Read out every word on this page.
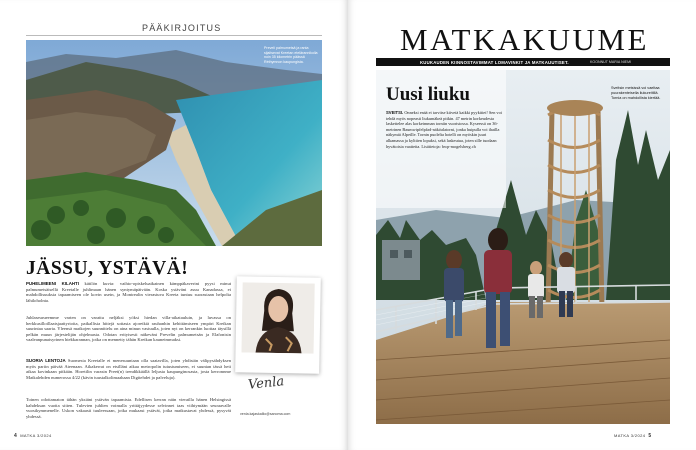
PÄÄKIRJOITUS
Preveli palmumetsä ja ranta sijaitsevat Kreetan etelärannikolla noin 35 kilometrin päässä Réthymnon kaupungista.
JÄSSU, YSTÄVÄ!
PUHELIMEENI KILAHTI kätilön kuvia: vaihto-opiskeluaikainen kämppäkaverini pyysi minut palmumetsäisellä Kreetalle juhlimaan hänen syntymäpäivään. Koska ystäväni asuu Kanadassa, ei mahdollisuuksia tapaamiseen ole kovin usein, ja Montrealin vierastuva Kreeta tuntuu suorastaan helpolta lähiloholnta.
Juhlaseurueemme varten on varattu neljäksi yöksi hiedan villa-aikatauluin, ja luvassa on herkkusilloillaatsjaattyrioita, paikallisia hittejä sottasia ajoretkiä rauhanhin kehittämiseen ympäri Kreikan suurintaa saarta. Yleensä matkojen suunnittelu on aina minun vastuulla, joten nyt on kerrankin luottaa täysillä pelkän muun järjestelijän ohjelmasta. Odotan erityisesti näkeväni Prevelin palmumetsän ja Elafonisin vaaleanpunaisyrinen hiekkarannan, jotka on mennetty tähän Kreikan kauneimmaksi.
SUORIA LENTOJA Suomesta Kreetalle ei menesuuntaan olla saatavilla, joten yhdistän välipysähdyksen myös pariin päivää Ateenaan. Aikakerrat on etsilläni aikaa metropolin tutustumiseen, ei suuntan tässä heti aikaa kovinkaan pitkään. Horetilin varasin Preet(n) trendikkäällä Ieljusta kaupunginosasta, josta kerronnme Matkalehden numerossa 4/22 (kävin tuustalkolimaahaan Digitehdet ja palveluja).
Toinen odottamaton tähän yksiäni ystävän tapaamista. Edellisen kerran näin vierailla hänen Helsingissä kahdeksan vuotta sitten. Tulevien juhlien voimalla yrittäjyydesse selvinnet taas viihtymään seuraavalle vuosikymmenelle. Uskon vakaasti tuuleessaan, jotka mukaasi ystävät, jotka matkustavat yhdessä, pysyvät yhdessä.
Venla
venla.kajaskallio@sanoma.com
4 MATKA 3/2024
MATKAKUUME
KUUKAUDEN KIINNOSTAVIMMAT LOMAVINKIT JA MATKAUUTISET.	KOONNUT MARIA NIEMI
Uusi liuku
SVEITSI. Onneksi enää ei tarvitse kiivetä kaikki pyykitiet! Sen voi tehdä myös nopeasti liukumäkeä pitkin. 47 metrin korkeudesta laskettelee alas korkeimman torniin vuoristossa. Kyseessä on 36-metrinen Baumwipfelpfad-näköalatorni, jonka huipulla voi ihailla näkymiä Alpeille. Tornin puolelta hotelli on myöskin juuri alkamassa ja kylttien lopuksi, sekä laskeutua, joten sille tuodaan hyvätoisia vaatteita. Lisätietoja: bwp-mogelsberg.ch
Sveitsin metsissä voi vaeltaa puurakenteisella liukureitillä. Tornia on mahdollista kiertää.
MATKA 3/2024 5
